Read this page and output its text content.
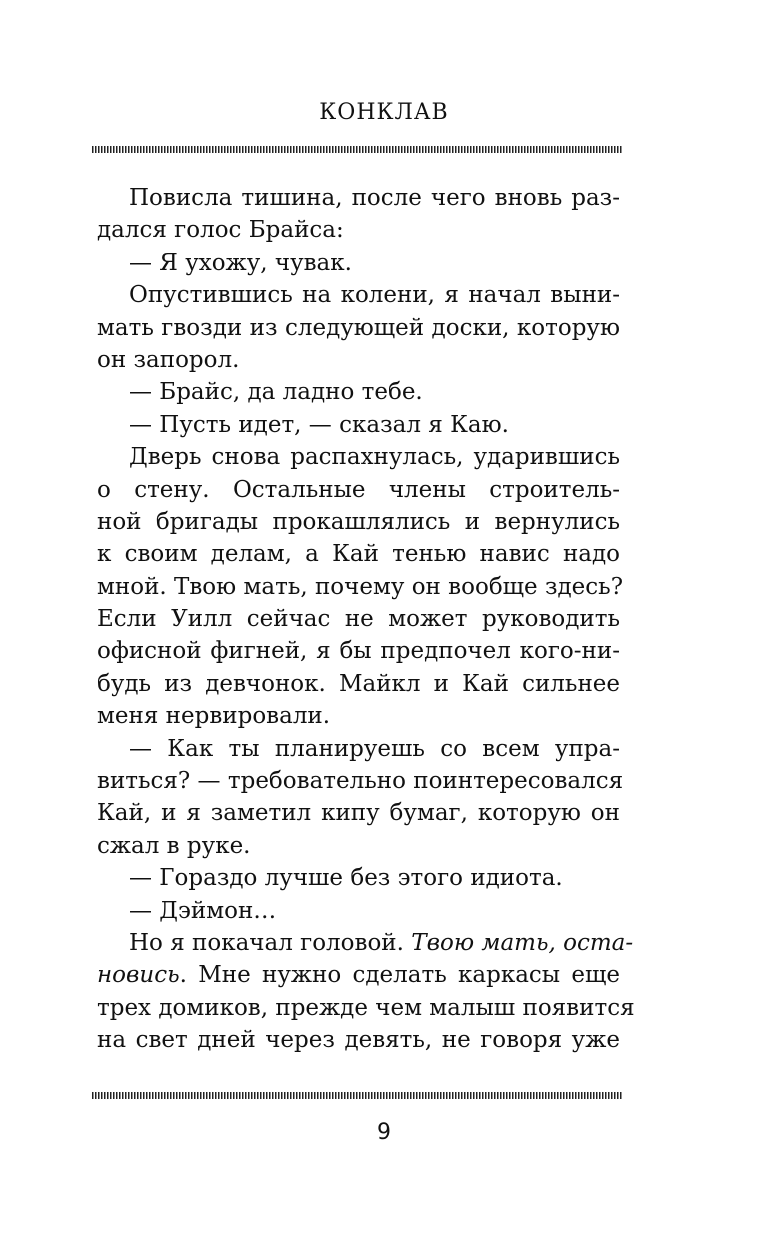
КОНКЛАВ
Повисла тишина, после чего вновь раз-
дался голос Брайса:
— Я ухожу, чувак.
Опустившись на колени, я начал выни-
мать гвозди из следующей доски, которую
он запорол.
— Брайс, да ладно тебе.
— Пусть идет, — сказал я Каю.
Дверь снова распахнулась, ударившись
о стену. Остальные члены строитель-
ной бригады прокашлялись и вернулись
к своим делам, а Кай тенью навис надо
мной. Твою мать, почему он вообще здесь?
Если Уилл сейчас не может руководить
офисной фигней, я бы предпочел кого-ни-
будь из девчонок. Майкл и Кай сильнее
меня нервировали.
— Как ты планируешь со всем упра-
виться? — требовательно поинтересовался
Кай, и я заметил кипу бумаг, которую он
сжал в руке.
— Гораздо лучше без этого идиота.
— Дэймон…
Но я покачал головой. Твою мать, оста-
новись. Мне нужно сделать каркасы еще
трех домиков, прежде чем малыш появится
на свет дней через девять, не говоря уже
9
